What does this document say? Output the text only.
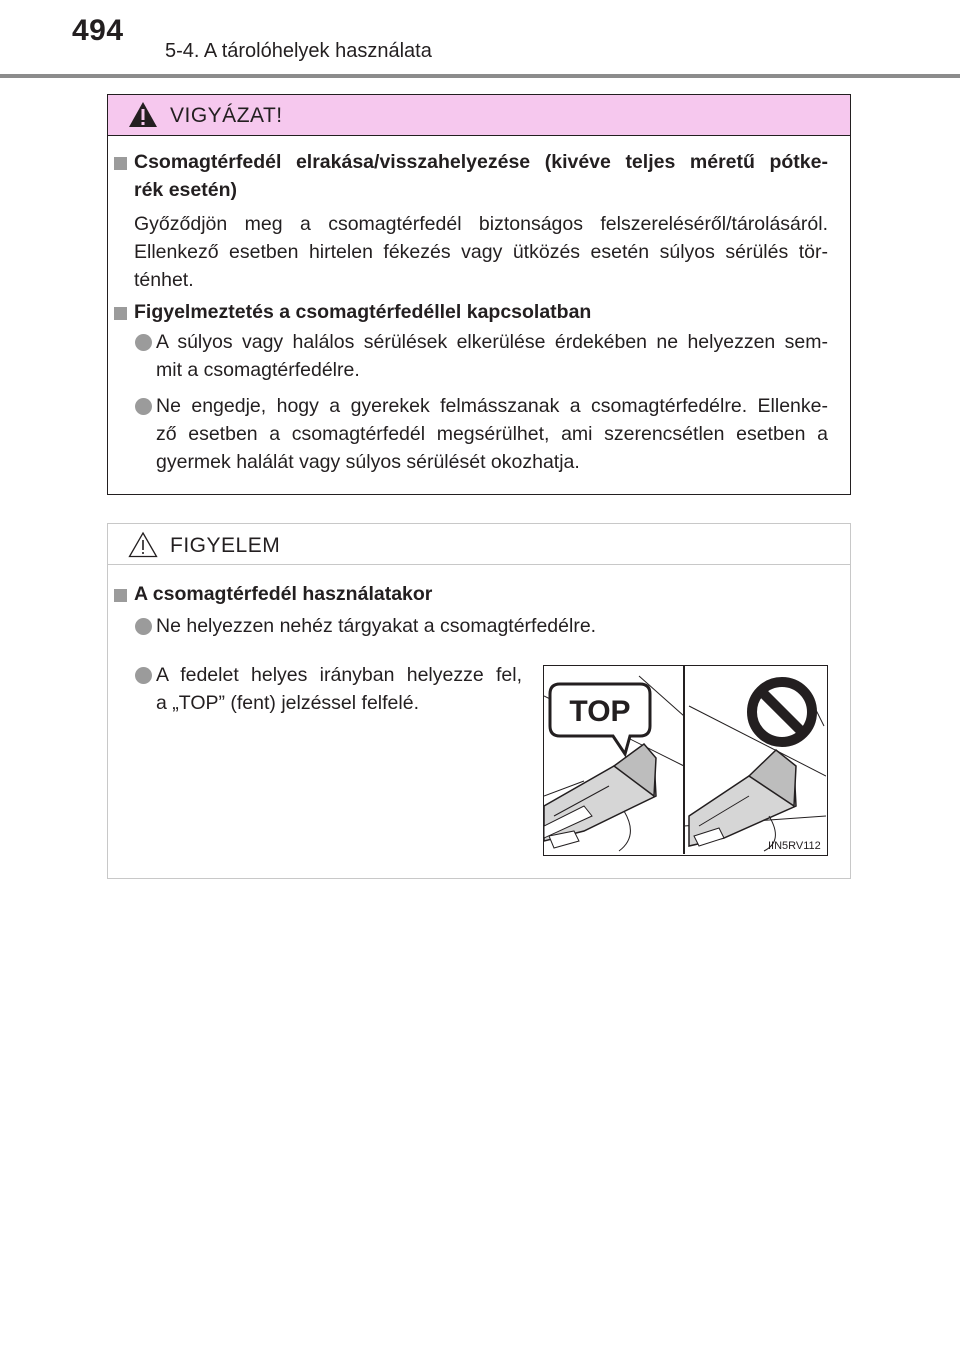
494
5-4. A tárolóhelyek használata
VIGYÁZAT!
Csomagtérfedél elrakása/visszahelyezése (kivéve teljes méretű pótke-
rék esetén)
Győződjön meg a csomagtérfedél biztonságos felszereléséről/tárolásáról.
Ellenkező esetben hirtelen fékezés vagy ütközés esetén súlyos sérülés tör-
ténhet.
Figyelmeztetés a csomagtérfedéllel kapcsolatban
A súlyos vagy halálos sérülések elkerülése érdekében ne helyezzen sem-
mit a csomagtérfedélre.
Ne engedje, hogy a gyerekek felmásszanak a csomagtérfedélre. Ellenke-
ző esetben a csomagtérfedél megsérülhet, ami szerencsétlen esetben a
gyermek halálát vagy súlyos sérülését okozhatja.
FIGYELEM
A csomagtérfedél használatakor
Ne helyezzen nehéz tárgyakat a csomagtérfedélre.
A fedelet helyes irányban helyezze fel,
a „TOP” (fent) jelzéssel felfelé.	TOP
IIN5RV112
